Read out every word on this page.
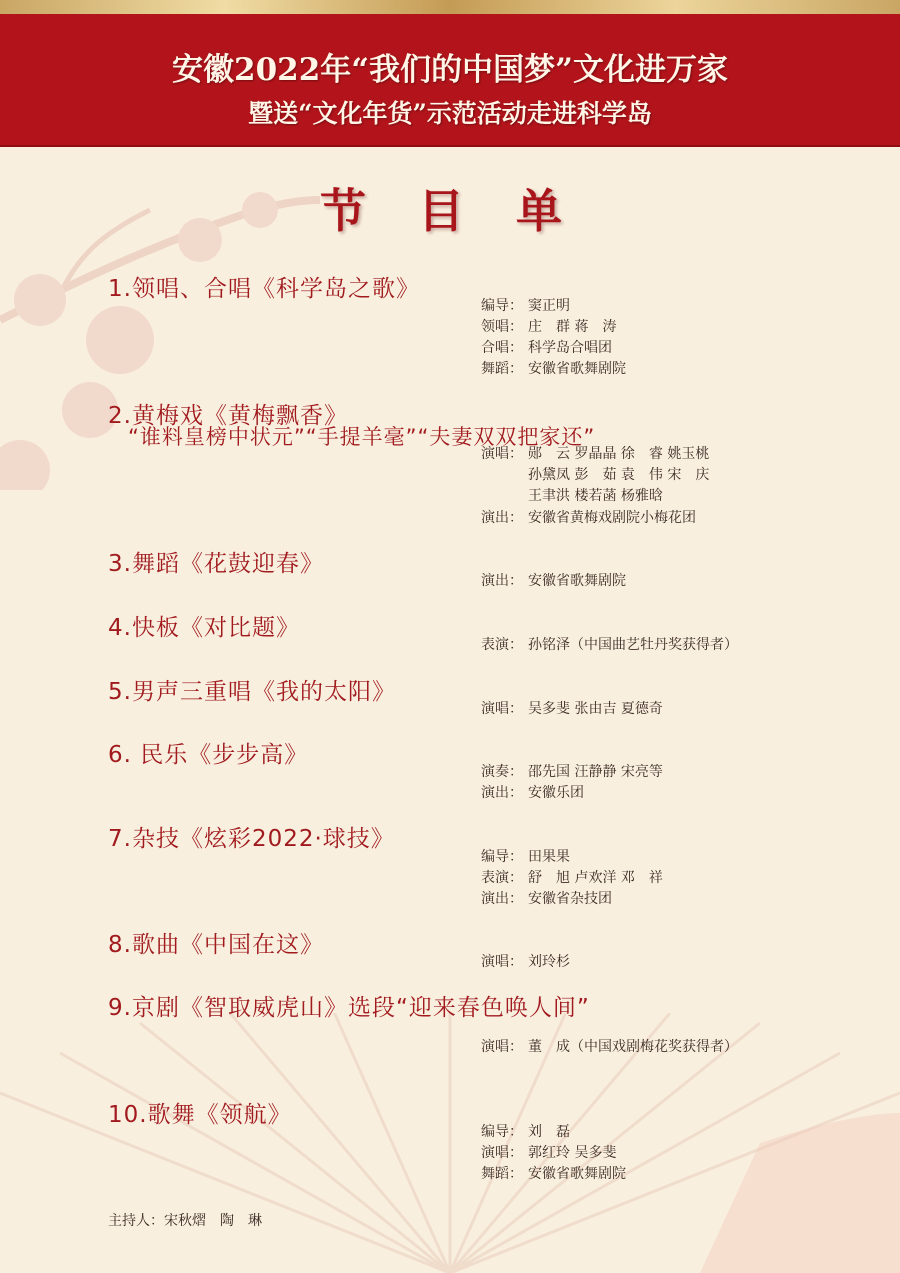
安徽2022年“我们的中国梦”文化进万家
暨送“文化年货”示范活动走进科学岛
节 目 单
1.领唱、合唱《科学岛之歌》
编导： 窦正明
领唱： 庄　群 蒋　涛
合唱： 科学岛合唱团
舞蹈： 安徽省歌舞剧院
2.黄梅戏《黄梅飘香》
“谁料皇榜中状元”“手提羊毫”“夫妻双双把家还”
演唱： 郧　云 罗晶晶 徐　睿 姚玉桃
孙黛凤 彭　茹 袁　伟 宋　庆
王聿洪 楼若菡 杨雅晗
演出： 安徽省黄梅戏剧院小梅花团
3.舞蹈《花鼓迎春》
演出： 安徽省歌舞剧院
4.快板《对比题》
表演： 孙铭泽（中国曲艺牡丹奖获得者）
5.男声三重唱《我的太阳》
演唱： 吴多斐 张由吉 夏德奇
6. 民乐《步步高》
演奏： 邵先国 汪静静 宋亮等
演出： 安徽乐团
7.杂技《炫彩2022·球技》
编导： 田果果
表演： 舒　旭 卢欢洋 邓　祥
演出： 安徽省杂技团
8.歌曲《中国在这》
演唱： 刘玲杉
9.京剧《智取威虎山》选段“迎来春色唤人间”
演唱： 董　成（中国戏剧梅花奖获得者）
10.歌舞《领航》
编导： 刘　磊
演唱： 郭红玲 吴多斐
舞蹈： 安徽省歌舞剧院
主持人：宋秋熠　陶　琳
